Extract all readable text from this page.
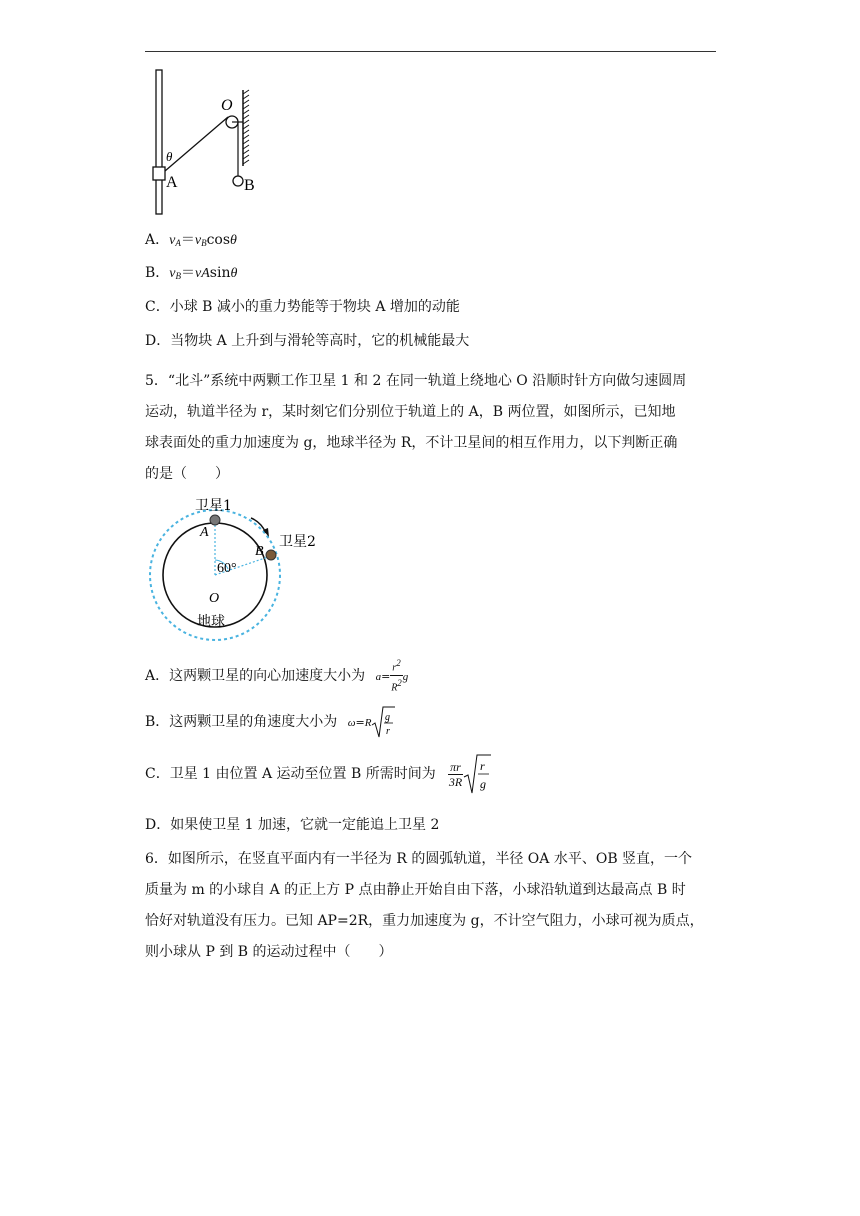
O
θ
A	B
A．$v_A=v_B\cos\theta$
B．$v_B=vAsin\theta$
C．小球 B 减小的重力势能等于物块 A 增加的动能
D．当物块 A 上升到与滑轮等高时，它的机械能最大
5．“北斗”系统中两颗工作卫星 1 和 2 在同一轨道上绕地心 O 沿顺时针方向做匀速圆周
运动，轨道半径为 r，某时刻它们分别位于轨道上的 A，B 两位置，如图所示，已知地
球表面处的重力加速度为 g，地球半径为 R，不计卫星间的相互作用力，以下判断正确
的是（　　）
卫星1
卫星2
A
B
60°
O
地球
A．这两颗卫星的向心加速度大小为 $a= \frac{r^2}{R^2}$ g
B．这两颗卫星的角速度大小为 ω=R g
r
C．卫星 1 由位置 A 运动至位置 B 所需时间为 $\frac{\pi r}{3R}$ r
g
D．如果使卫星 1 加速，它就一定能追上卫星 2
6．如图所示，在竖直平面内有一半径为 R 的圆弧轨道，半径 OA 水平、OB 竖直，一个
质量为 m 的小球自 A 的正上方 P 点由静止开始自由下落，小球沿轨道到达最高点 B 时
恰好对轨道没有压力。已知 AP=2R，重力加速度为 g，不计空气阻力，小球可视为质点，
则小球从 P 到 B 的运动过程中（　　）
